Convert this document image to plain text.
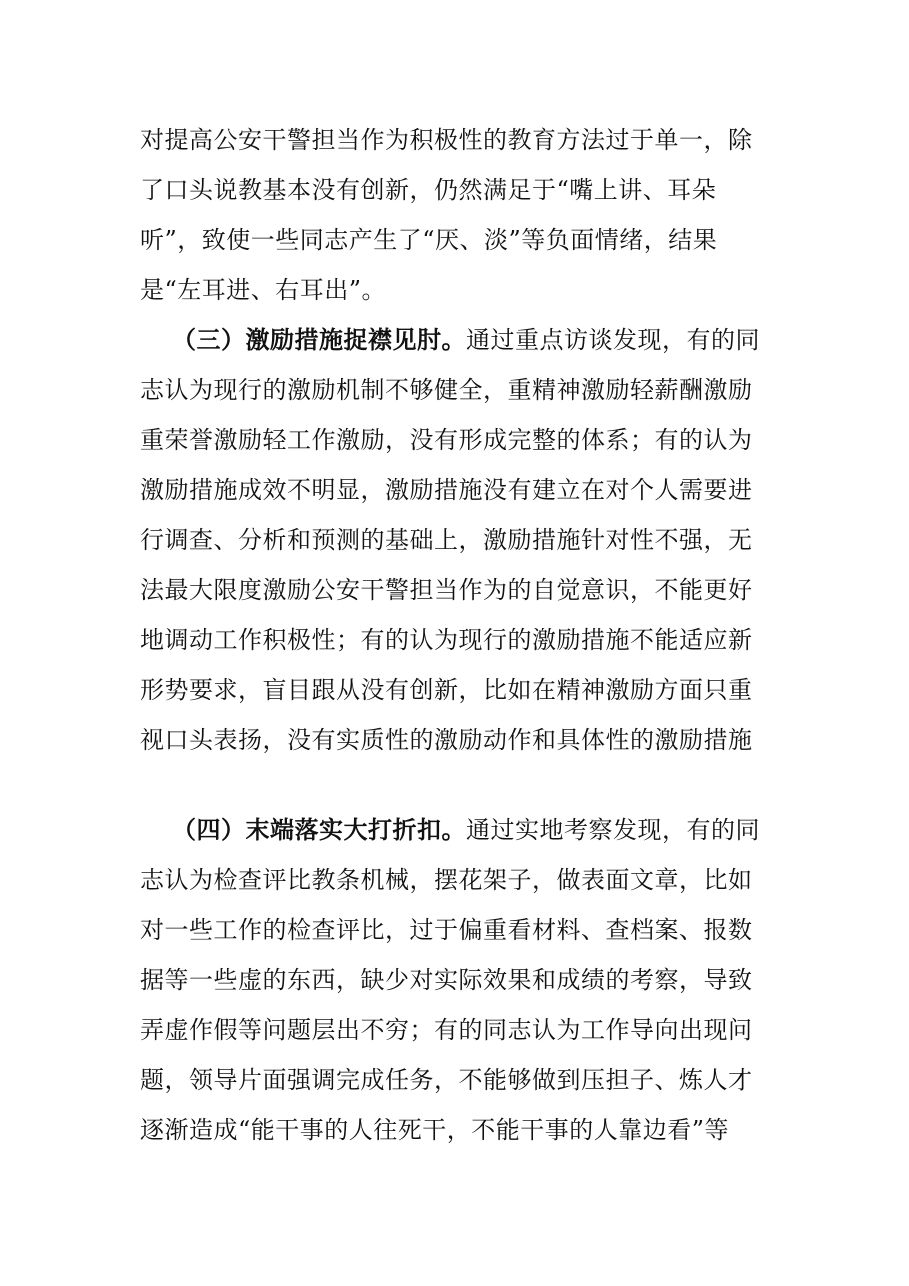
对提高公安干警担当作为积极性的教育方法过于单一，除
了口头说教基本没有创新，仍然满足于“嘴上讲、耳朵
听”，致使一些同志产生了“厌、淡”等负面情绪，结果
是“左耳进、右耳出”。
（三）激励措施捉襟见肘。通过重点访谈发现，有的同
志认为现行的激励机制不够健全，重精神激励轻薪酬激励
重荣誉激励轻工作激励，没有形成完整的体系；有的认为
激励措施成效不明显，激励措施没有建立在对个人需要进
行调查、分析和预测的基础上，激励措施针对性不强，无
法最大限度激励公安干警担当作为的自觉意识，不能更好
地调动工作积极性；有的认为现行的激励措施不能适应新
形势要求，盲目跟从没有创新，比如在精神激励方面只重
视口头表扬，没有实质性的激励动作和具体性的激励措施
（四）末端落实大打折扣。通过实地考察发现，有的同
志认为检查评比教条机械，摆花架子，做表面文章，比如
对一些工作的检查评比，过于偏重看材料、查档案、报数
据等一些虚的东西，缺少对实际效果和成绩的考察，导致
弄虚作假等问题层出不穷；有的同志认为工作导向出现问
题，领导片面强调完成任务，不能够做到压担子、炼人才
逐渐造成“能干事的人往死干，不能干事的人靠边看”等
